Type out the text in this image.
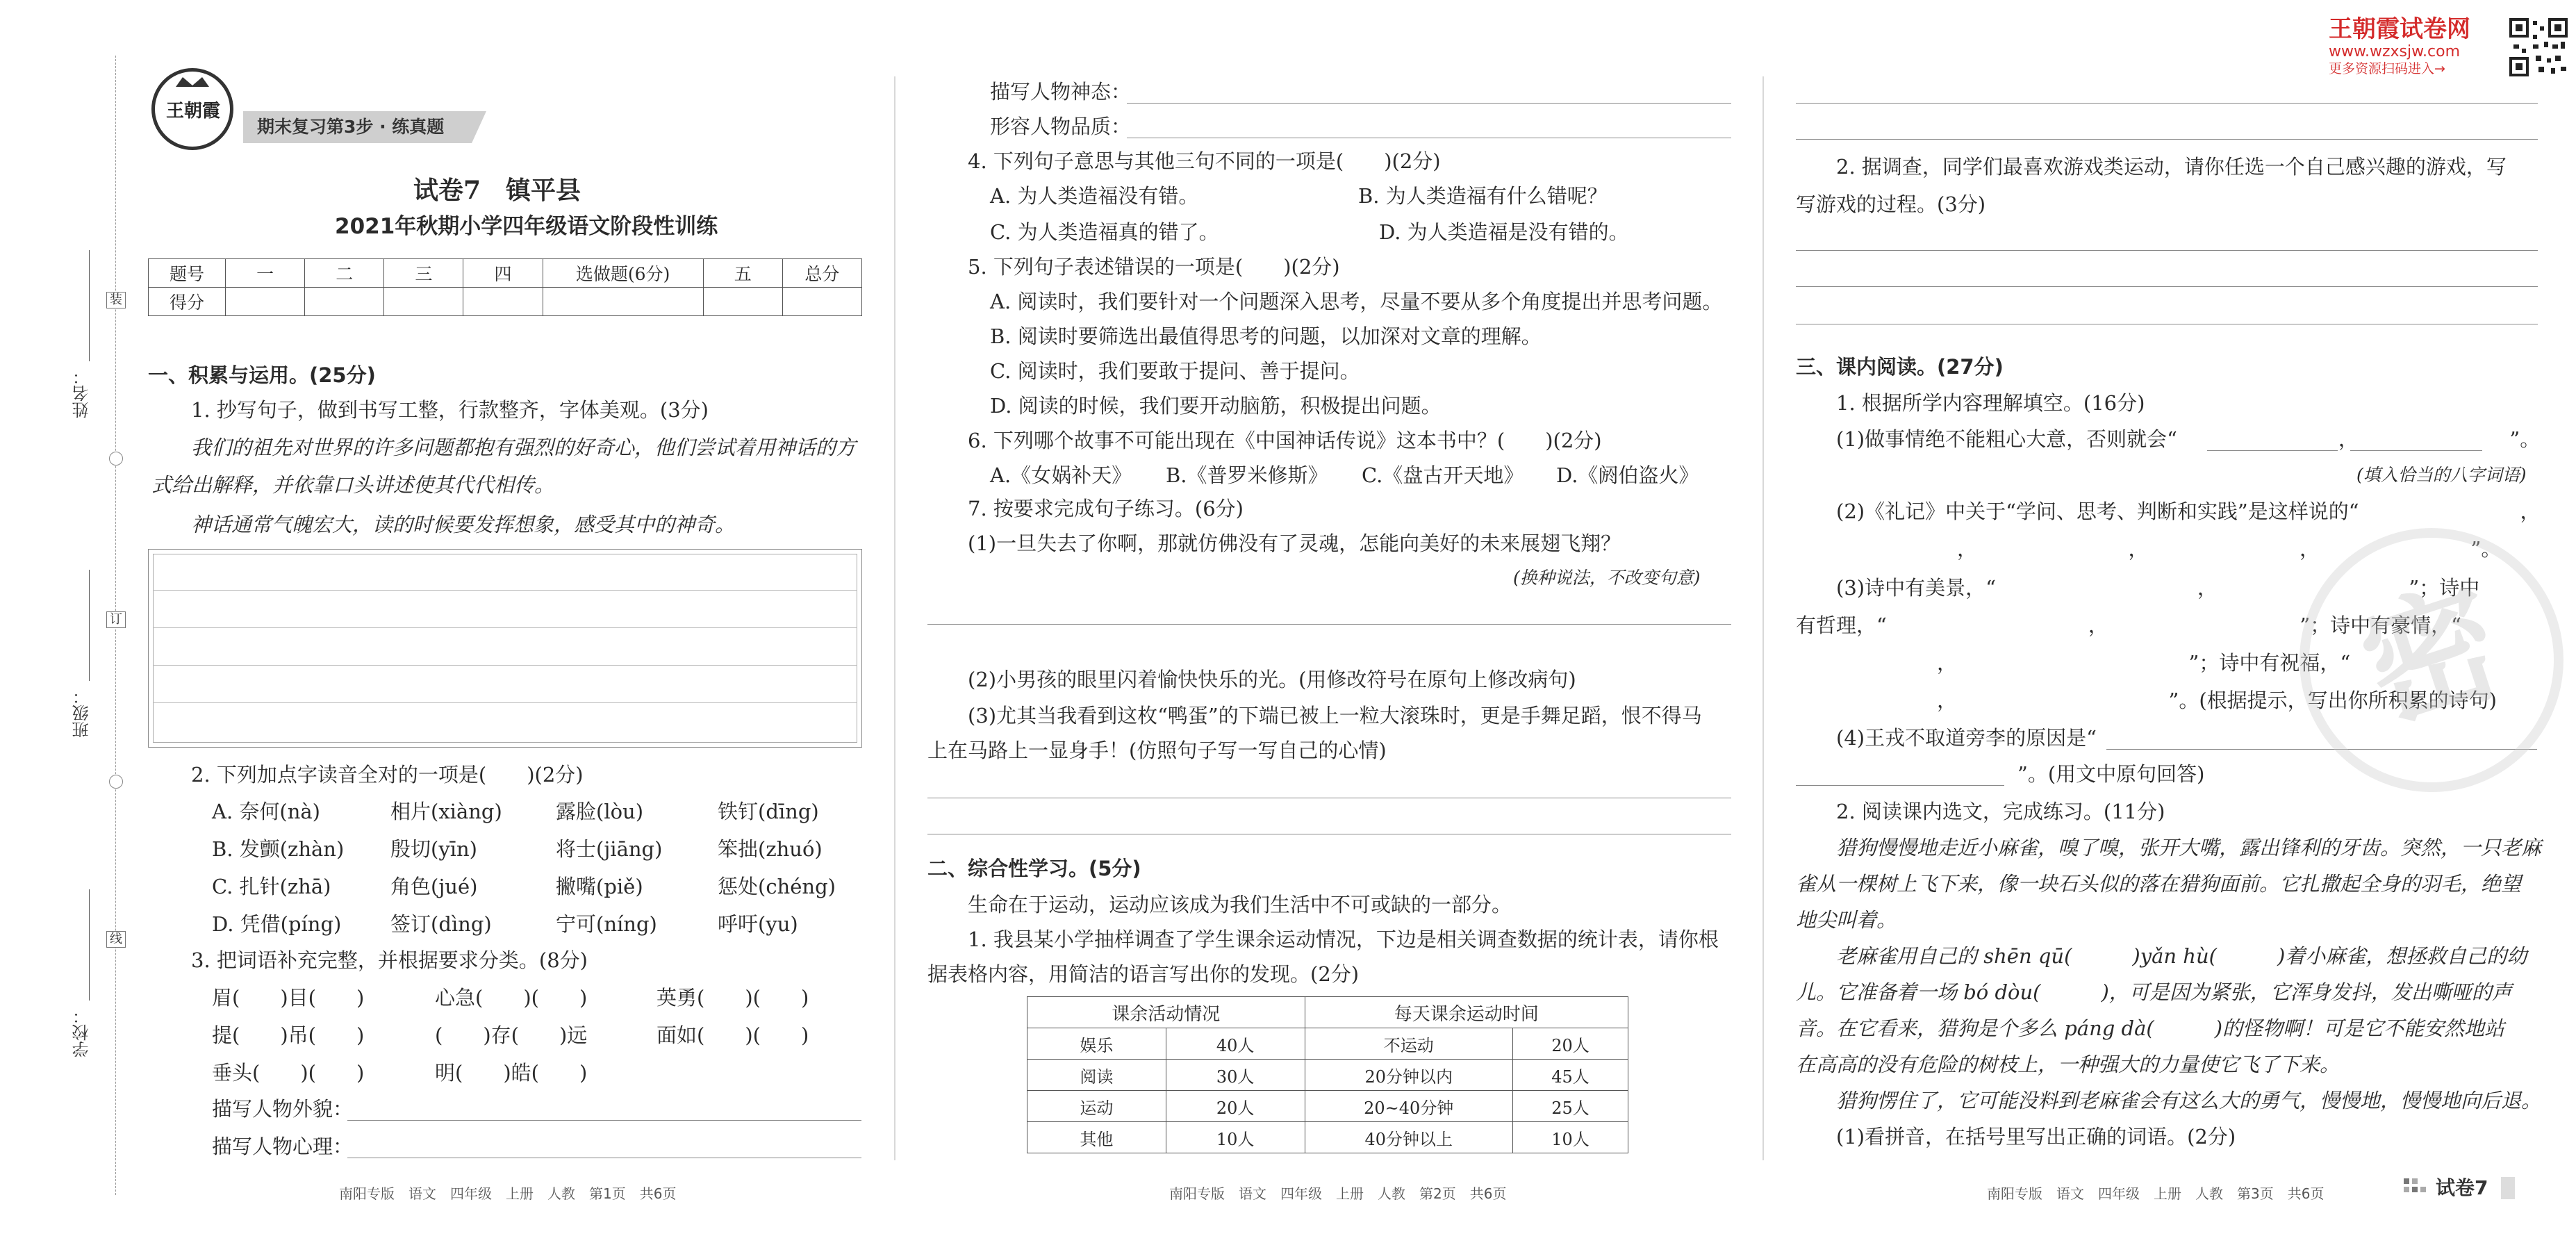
姓名：
班级：
学校：
装
订
线
王朝霞
期末复习第3步 · 练真题
试卷7　镇平县
2021年秋期小学四年级语文阶段性训练
题号	一	二	三	四	选做题(6分)	五	总分
得分							
一、积累与运用。(25分)
1. 抄写句子，做到书写工整，行款整齐，字体美观。(3分)
我们的祖先对世界的许多问题都抱有强烈的好奇心，他们尝试着用神话的方
式给出解释，并依靠口头讲述使其代代相传。
神话通常气魄宏大，读的时候要发挥想象，感受其中的神奇。
2. 下列加点字读音全对的一项是(　　)(2分)
A. 奈何(nà)	相片(xiàng)	露脸(lòu)	铁钉(dīng)
B. 发颤(zhàn) 殷切(yīn)	将士(jiāng)	笨拙(zhuó)
C. 扎针(zhā)	角色(jué)	撇嘴(piě)	惩处(chéng)
D. 凭借(píng) 签订(dìng)	宁可(níng)	呼吁(yu)
3. 把词语补充完整，并根据要求分类。(8分)
眉(　　)目(　　)	心急(　　)(　　)	英勇(　　)(　　)
提(　　)吊(　　)	(　　)存(　　)远	面如(　　)(　　)
垂头(　　)(　　)	明(　　)皓(　　)
描写人物外貌：
描写人物心理：
南阳专版　语文　四年级　上册　人教　第1页　共6页
描写人物神态：
形容人物品质：
4. 下列句子意思与其他三句不同的一项是(　　)(2分)
A. 为人类造福没有错。	B. 为人类造福有什么错呢？
C. 为人类造福真的错了。	D. 为人类造福是没有错的。
5. 下列句子表述错误的一项是(　　)(2分)
A. 阅读时，我们要针对一个问题深入思考，尽量不要从多个角度提出并思考问题。
B. 阅读时要筛选出最值得思考的问题，以加深对文章的理解。
C. 阅读时，我们要敢于提问、善于提问。
D. 阅读的时候，我们要开动脑筋，积极提出问题。
6. 下列哪个故事不可能出现在《中国神话传说》这本书中？(　　)(2分)
A.《女娲补天》 B.《普罗米修斯》 C.《盘古开天地》 D.《阏伯盗火》
7. 按要求完成句子练习。(6分)
(1)一旦失去了你啊，那就仿佛没有了灵魂，怎能向美好的未来展翅飞翔？
(换种说法，不改变句意)
(2)小男孩的眼里闪着愉快快乐的光。(用修改符号在原句上修改病句)
(3)尤其当我看到这枚“鸭蛋”的下端已被上一粒大滚珠时，更是手舞足蹈，恨不得马
上在马路上一显身手！(仿照句子写一写自己的心情)
二、综合性学习。(5分)
生命在于运动，运动应该成为我们生活中不可或缺的一部分。
1. 我县某小学抽样调查了学生课余运动情况，下边是相关调查数据的统计表，请你根
据表格内容，用简洁的语言写出你的发现。(2分)
课余活动情况		每天课余运动时间	
娱乐	40人	不运动	20人
阅读	30人	20分钟以内	45人
运动	20人	20~40分钟	25人
其他	10人	40分钟以上	10人
南阳专版　语文　四年级　上册　人教　第2页　共6页
王朝霞试卷网
www.wzxsjw.com
更多资源扫码进入→
2. 据调查，同学们最喜欢游戏类运动，请你任选一个自己感兴趣的游戏，写
写游戏的过程。(3分)
三、课内阅读。(27分)
1. 根据所学内容理解填空。(16分)
(1)做事情绝不能粗心大意，否则就会“　　　　　　　　，　　　　　　　　”。
(填入恰当的八字词语)
(2)《礼记》中关于“学问、思考、判断和实践”是这样说的“　　　　　　　　，
　　　　　　　　，　　　　　　　　，　　　　　　　　，　　　　　　　　”。
(3)诗中有美景，“　　　　　　　　　　，　　　　　　　　　　”；诗中
有哲理，“　　　　　　　　　　，　　　　　　　　　　”；诗中有豪情，“
　　　　　　　，　　　　　　　　　　　　”；诗中有祝福，“　　　　　
　　　　　　　，　　　　　　　　　　　”。(根据提示，写出你所积累的诗句)
(4)王戎不取道旁李的原因是“
　　　　　　　　　　　”。(用文中原句回答)
2. 阅读课内选文，完成练习。(11分)
猎狗慢慢地走近小麻雀，嗅了嗅，张开大嘴，露出锋利的牙齿。突然，一只老麻
雀从一棵树上飞下来，像一块石头似的落在猎狗面前。它扎撒起全身的羽毛，绝望
地尖叫着。
老麻雀用自己的 shēn qū(　　　)yǎn hù(　　　)着小麻雀，想拯救自己的幼
儿。它准备着一场 bó dòu(　　　)，可是因为紧张，它浑身发抖，发出嘶哑的声
音。在它看来，猎狗是个多么 páng dà(　　　)的怪物啊！可是它不能安然地站
在高高的没有危险的树枝上，一种强大的力量使它飞了下来。
猎狗愣住了，它可能没料到老麻雀会有这么大的勇气，慢慢地，慢慢地向后退。
(1)看拼音，在括号里写出正确的词语。(2分)
密
南阳专版　语文　四年级　上册　人教　第3页　共6页	试卷7
